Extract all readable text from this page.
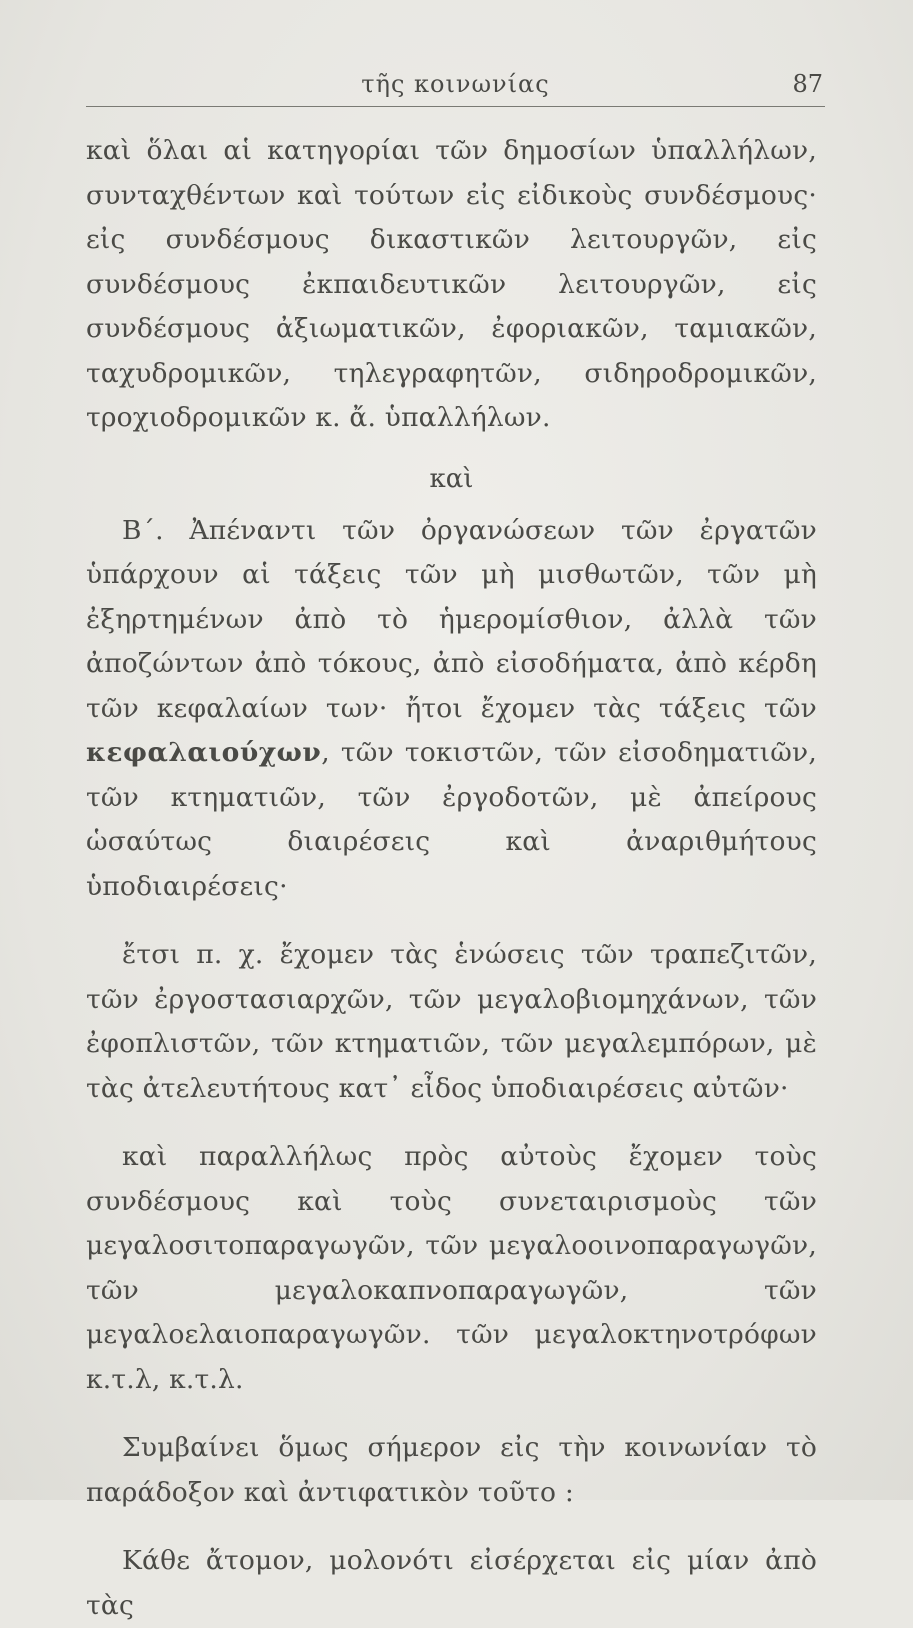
τῆς κοινωνίας	87

καὶ ὅλαι αἱ κατηγορίαι τῶν δημοσίων ὑπαλλήλων, συνταχθέντων καὶ τούτων εἰς εἰδικοὺς συνδέσμους· εἰς συνδέσμους δικαστικῶν λειτουργῶν, εἰς συνδέσμους ἐκπαιδευτικῶν λειτουργῶν, εἰς συνδέσμους ἀξιωματικῶν, ἐφοριακῶν, ταμιακῶν, ταχυδρομικῶν, τηλεγραφητῶν, σιδηροδρομικῶν, τροχιοδρομικῶν κ. ἄ. ὑπαλλήλων.

καὶ

Β΄. Ἀπέναντι τῶν ὀργανώσεων τῶν ἐργατῶν ὑπάρχουν αἱ τάξεις τῶν μὴ μισθωτῶν, τῶν μὴ ἐξηρτημένων ἀπὸ τὸ ἡμερομίσθιον, ἀλλὰ τῶν ἀποζώντων ἀπὸ τόκους, ἀπὸ εἰσοδήματα, ἀπὸ κέρδη τῶν κεφαλαίων των· ἤτοι ἔχομεν τὰς τάξεις τῶν κεφαλαιούχων, τῶν τοκιστῶν, τῶν εἰσοδηματιῶν, τῶν κτηματιῶν, τῶν ἐργοδοτῶν, μὲ ἀπείρους ὡσαύτως διαιρέσεις καὶ ἀναριθμήτους ὑποδιαιρέσεις·

ἔτσι π. χ. ἔχομεν τὰς ἑνώσεις τῶν τραπεζιτῶν, τῶν ἐργοστασιαρχῶν, τῶν μεγαλοβιομηχάνων, τῶν ἐφοπλιστῶν, τῶν κτηματιῶν, τῶν μεγαλεμπόρων, μὲ τὰς ἀτελευτήτους κατ᾿ εἶδος ὑποδιαιρέσεις αὐτῶν·

καὶ παραλλήλως πρὸς αὐτοὺς ἔχομεν τοὺς συνδέσμους καὶ τοὺς συνεταιρισμοὺς τῶν μεγαλοσιτοπαραγωγῶν, τῶν μεγαλοοινοπαραγωγῶν, τῶν μεγαλοκαπνοπαραγωγῶν, τῶν μεγαλοελαιοπαραγωγῶν. τῶν μεγαλοκτηνοτρόφων κ.τ.λ, κ.τ.λ.

Συμβαίνει ὅμως σήμερον εἰς τὴν κοινωνίαν τὸ παράδοξον καὶ ἀντιφατικὸν τοῦτο :

Κάθε ἄτομον, μολονότι εἰσέρχεται εἰς μίαν ἀπὸ τὰς
